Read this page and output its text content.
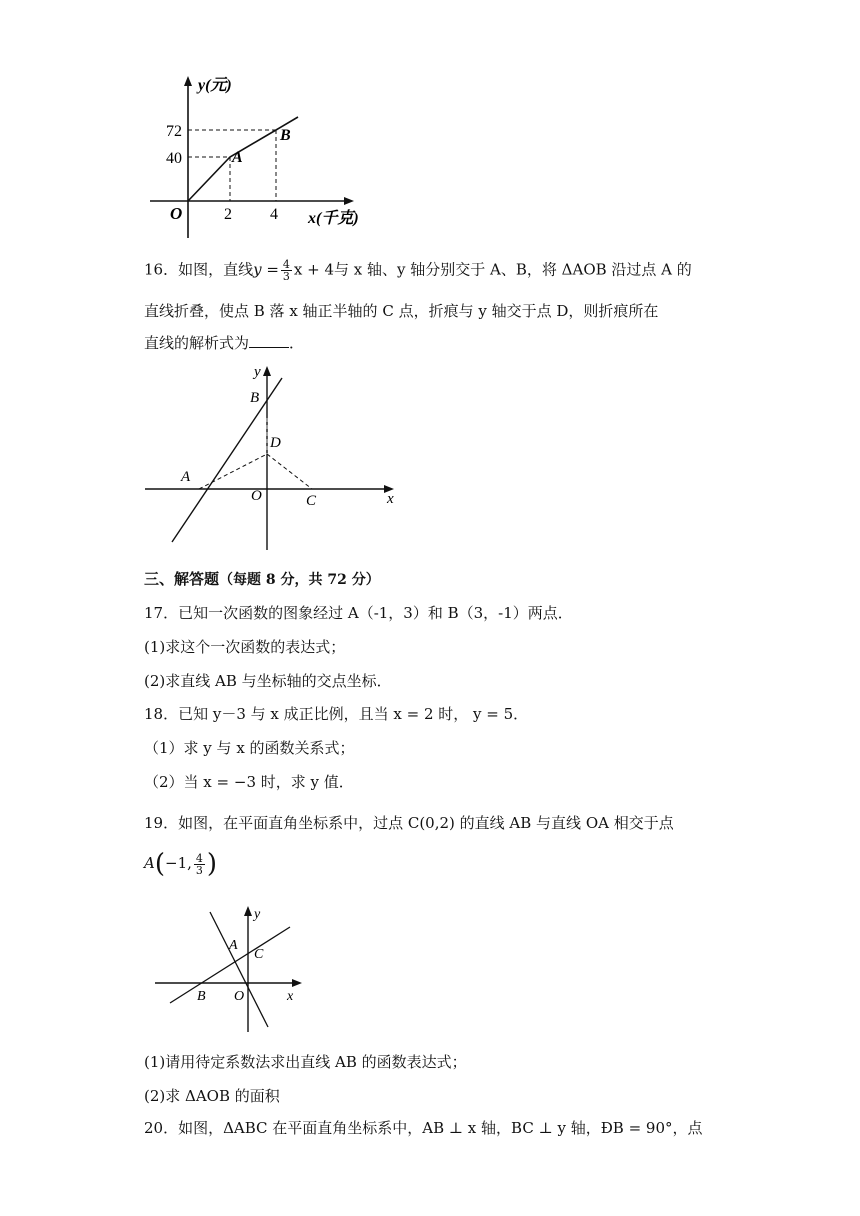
y(元)
x(千克)
72
40
2 4
O
A
B
16．如图，直线$y = \frac{4}{3}$ x + 4与 x 轴、y 轴分别交于 A、B，将 ΔAOB 沿过点 A 的
直线折叠，使点 B 落 x 轴正半轴的 C 点，折痕与 y 轴交于点 D，则折痕所在
直线的解析式为	．
y
x
B
D
A
O	C
三、解答题（每题 8 分，共 72 分）
17．已知一次函数的图象经过 A（-1，3）和 B（3，-1）两点．
(1)求这个一次函数的表达式；
(2)求直线 AB 与坐标轴的交点坐标．
18．已知 y－3 与 x 成正比例，且当 x = 2 时， y = 5．
（1）求 y 与 x 的函数关系式；
（2）当 x = −3 时，求 y 值．
19．如图，在平面直角坐标系中，过点 C(0,2) 的直线 AB 与直线 OA 相交于点
A(−1, $\frac{4}{3}$ )
y
x
A
C
B O
(1)请用待定系数法求出直线 AB 的函数表达式；
(2)求 ΔAOB 的面积
20．如图，ΔABC 在平面直角坐标系中，AB ⊥ x 轴，BC ⊥ y 轴，ÐB = 90°，点
